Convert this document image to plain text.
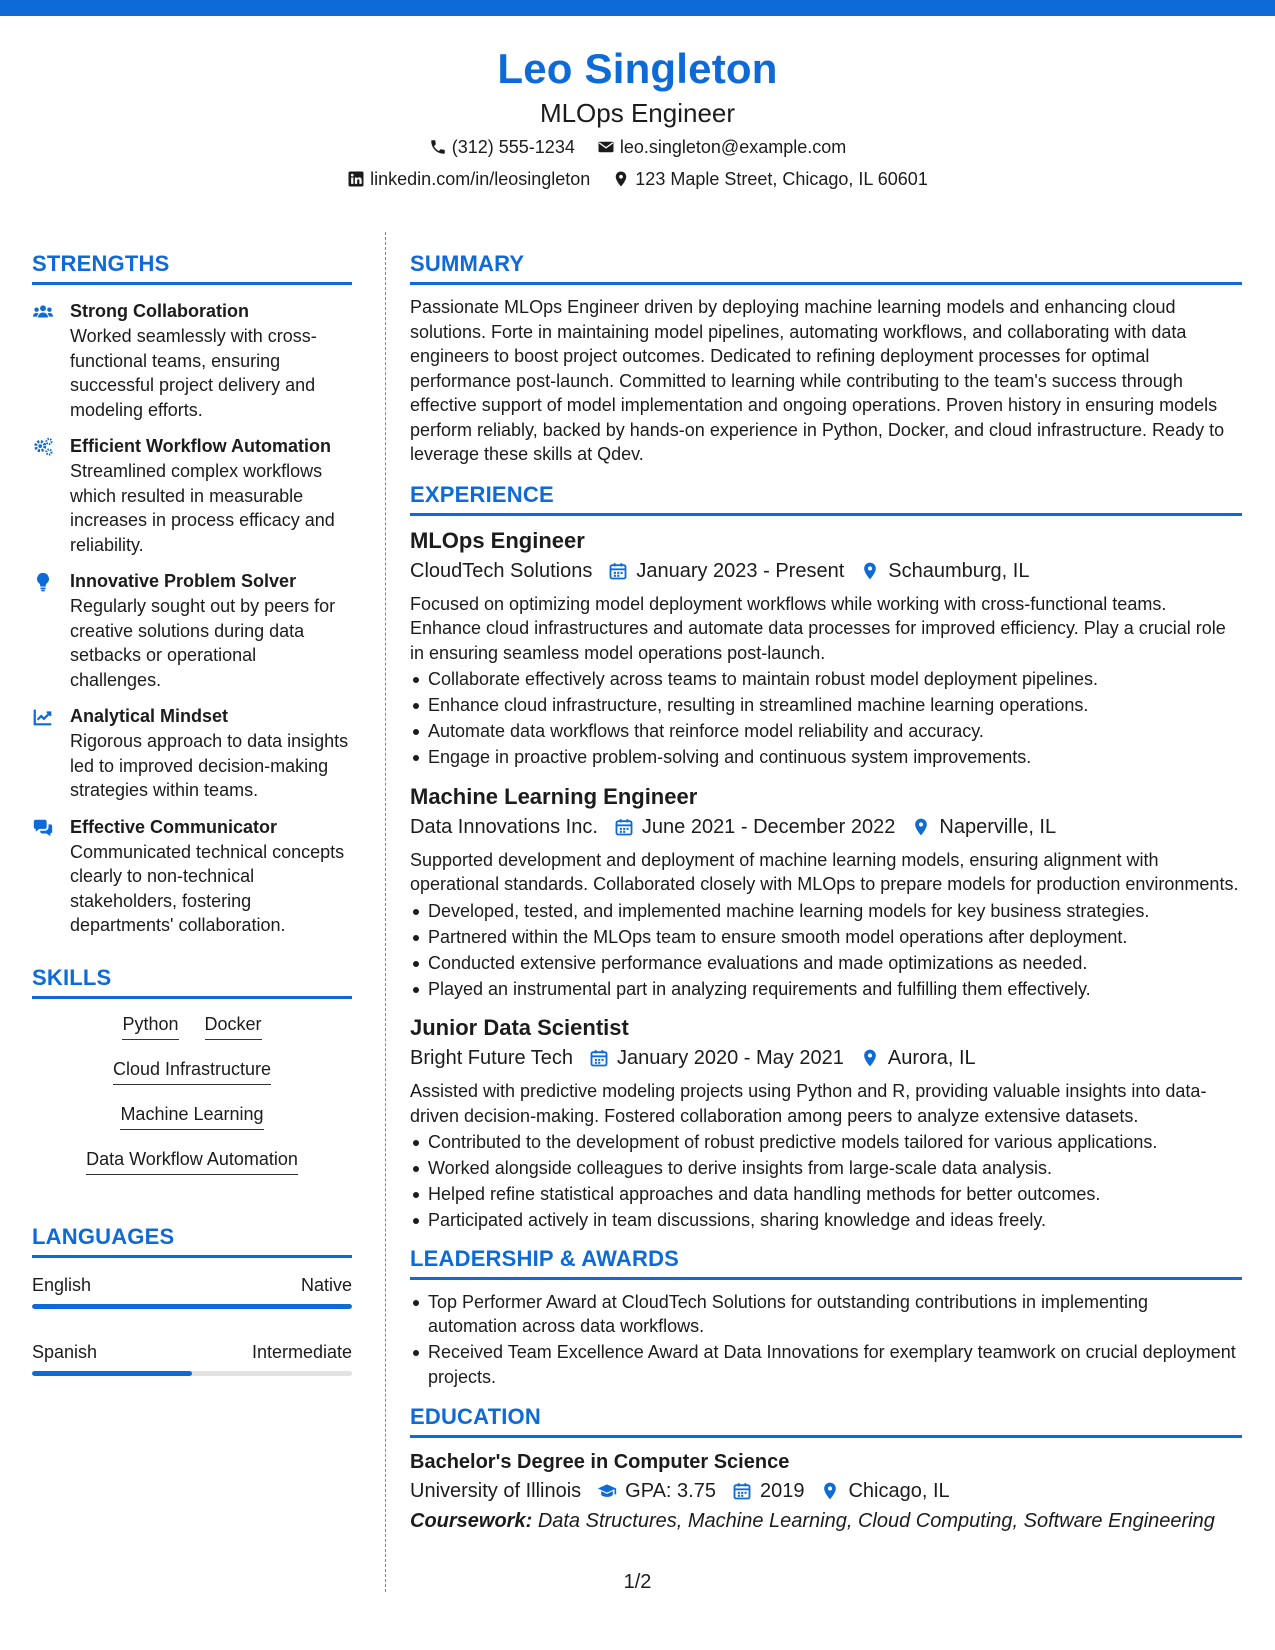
Leo Singleton
MLOps Engineer
(312) 555-1234	leo.singleton@example.com
linkedin.com/in/leosingleton	123 Maple Street, Chicago, IL 60601
STRENGTHS
Strong Collaboration
Worked seamlessly with cross-functional teams, ensuring successful project delivery and modeling efforts.
Efficient Workflow Automation
Streamlined complex workflows which resulted in measurable increases in process efficacy and reliability.
Innovative Problem Solver
Regularly sought out by peers for creative solutions during data setbacks or operational challenges.
Analytical Mindset
Rigorous approach to data insights led to improved decision-making strategies within teams.
Effective Communicator
Communicated technical concepts clearly to non-technical stakeholders, fostering departments' collaboration.
SKILLS
Python Docker
Cloud Infrastructure
Machine Learning
Data Workflow Automation
LANGUAGES
English	Native
Spanish	Intermediate
SUMMARY
Passionate MLOps Engineer driven by deploying machine learning models and enhancing cloud solutions. Forte in maintaining model pipelines, automating workflows, and collaborating with data engineers to boost project outcomes. Dedicated to refining deployment processes for optimal performance post-launch. Committed to learning while contributing to the team's success through effective support of model implementation and ongoing operations. Proven history in ensuring models perform reliably, backed by hands-on experience in Python, Docker, and cloud infrastructure. Ready to leverage these skills at Qdev.
EXPERIENCE
MLOps Engineer
CloudTech Solutions January 2023 - Present Schaumburg, IL
Focused on optimizing model deployment workflows while working with cross-functional teams. Enhance cloud infrastructures and automate data processes for improved efficiency. Play a crucial role in ensuring seamless model operations post-launch.
Collaborate effectively across teams to maintain robust model deployment pipelines.
Enhance cloud infrastructure, resulting in streamlined machine learning operations.
Automate data workflows that reinforce model reliability and accuracy.
Engage in proactive problem-solving and continuous system improvements.
Machine Learning Engineer
Data Innovations Inc. June 2021 - December 2022 Naperville, IL
Supported development and deployment of machine learning models, ensuring alignment with operational standards. Collaborated closely with MLOps to prepare models for production environments.
Developed, tested, and implemented machine learning models for key business strategies.
Partnered within the MLOps team to ensure smooth model operations after deployment.
Conducted extensive performance evaluations and made optimizations as needed.
Played an instrumental part in analyzing requirements and fulfilling them effectively.
Junior Data Scientist
Bright Future Tech January 2020 - May 2021 Aurora, IL
Assisted with predictive modeling projects using Python and R, providing valuable insights into data-driven decision-making. Fostered collaboration among peers to analyze extensive datasets.
Contributed to the development of robust predictive models tailored for various applications.
Worked alongside colleagues to derive insights from large-scale data analysis.
Helped refine statistical approaches and data handling methods for better outcomes.
Participated actively in team discussions, sharing knowledge and ideas freely.
LEADERSHIP & AWARDS
Top Performer Award at CloudTech Solutions for outstanding contributions in implementing automation across data workflows.
Received Team Excellence Award at Data Innovations for exemplary teamwork on crucial deployment projects.
EDUCATION
Bachelor's Degree in Computer Science
University of Illinois GPA: 3.75 2019 Chicago, IL
Coursework: Data Structures, Machine Learning, Cloud Computing, Software Engineering
1/2
